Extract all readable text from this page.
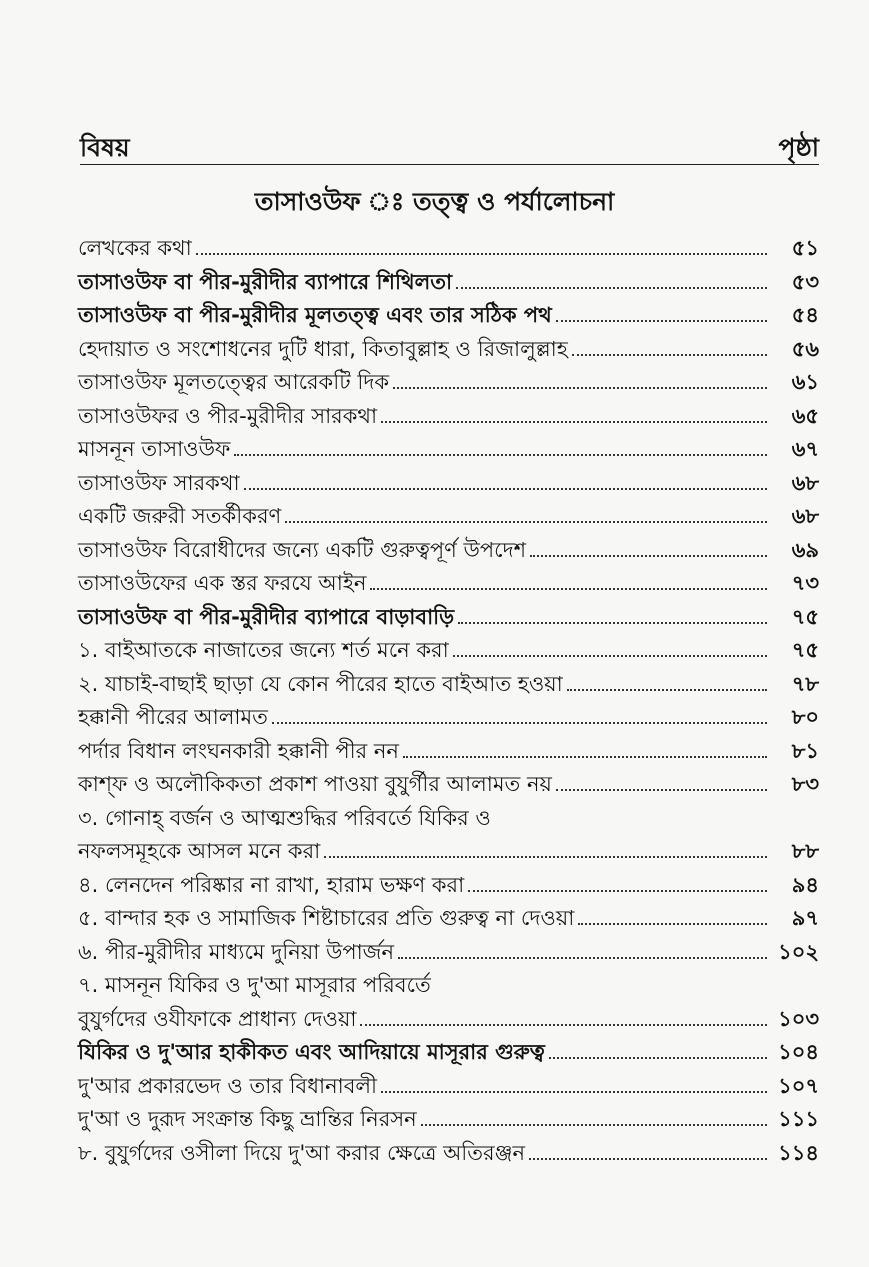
বিষয়	পৃষ্ঠা
তাসাওউফ ঃ তত্ত্ব ও পর্যালোচনা
লেখকের কথা	৫১
তাসাওউফ বা পীর-মুরীদীর ব্যাপারে শিথিলতা	৫৩
তাসাওউফ বা পীর-মুরীদীর মূলতত্ত্ব এবং তার সঠিক পথ	৫৪
হেদায়াত ও সংশোধনের দুটি ধারা, কিতাবুল্লাহ ও রিজালুল্লাহ	৫৬
তাসাওউফ মূলতত্ত্বের আরেকটি দিক	৬১
তাসাওউফর ও পীর-মুরীদীর সারকথা	৬৫
মাসনূন তাসাওউফ	৬৭
তাসাওউফ সারকথা	৬৮
একটি জরুরী সতর্কীকরণ	৬৮
তাসাওউফ বিরোধীদের জন্যে একটি গুরুত্বপূর্ণ উপদেশ	৬৯
তাসাওউফের এক স্তর ফরযে আইন	৭৩
তাসাওউফ বা পীর-মুরীদীর ব্যাপারে বাড়াবাড়ি	৭৫
১. বাইআতকে নাজাতের জন্যে শর্ত মনে করা	৭৫
২. যাচাই-বাছাই ছাড়া যে কোন পীরের হাতে বাইআত হওয়া	৭৮
হক্কানী পীরের আলামত	৮০
পর্দার বিধান লংঘনকারী হক্কানী পীর নন	৮১
কাশ্‌ফ ও অলৌকিকতা প্রকাশ পাওয়া বুযুর্গীর আলামত নয়	৮৩
৩. গোনাহ্ বর্জন ও আত্মশুদ্ধির পরিবর্তে যিকির ও
নফলসমূহকে আসল মনে করা	৮৮
৪. লেনদেন পরিষ্কার না রাখা, হারাম ভক্ষণ করা	৯৪
৫. বান্দার হক ও সামাজিক শিষ্টাচারের প্রতি গুরুত্ব না দেওয়া	৯৭
৬. পীর-মুরীদীর মাধ্যমে দুনিয়া উপার্জন	১০২
৭. মাসনূন যিকির ও দু'আ মাসূরার পরিবর্তে
বুযুর্গদের ওযীফাকে প্রাধান্য দেওয়া	১০৩
যিকির ও দু'আর হাকীকত এবং আদিয়ায়ে মাসূরার গুরুত্ব	১০৪
দু'আর প্রকারভেদ ও তার বিধানাবলী	১০৭
দু'আ ও দুরূদ সংক্রান্ত কিছু ভ্রান্তির নিরসন	১১১
৮. বুযুর্গদের ওসীলা দিয়ে দু'আ করার ক্ষেত্রে অতিরঞ্জন	১১৪
